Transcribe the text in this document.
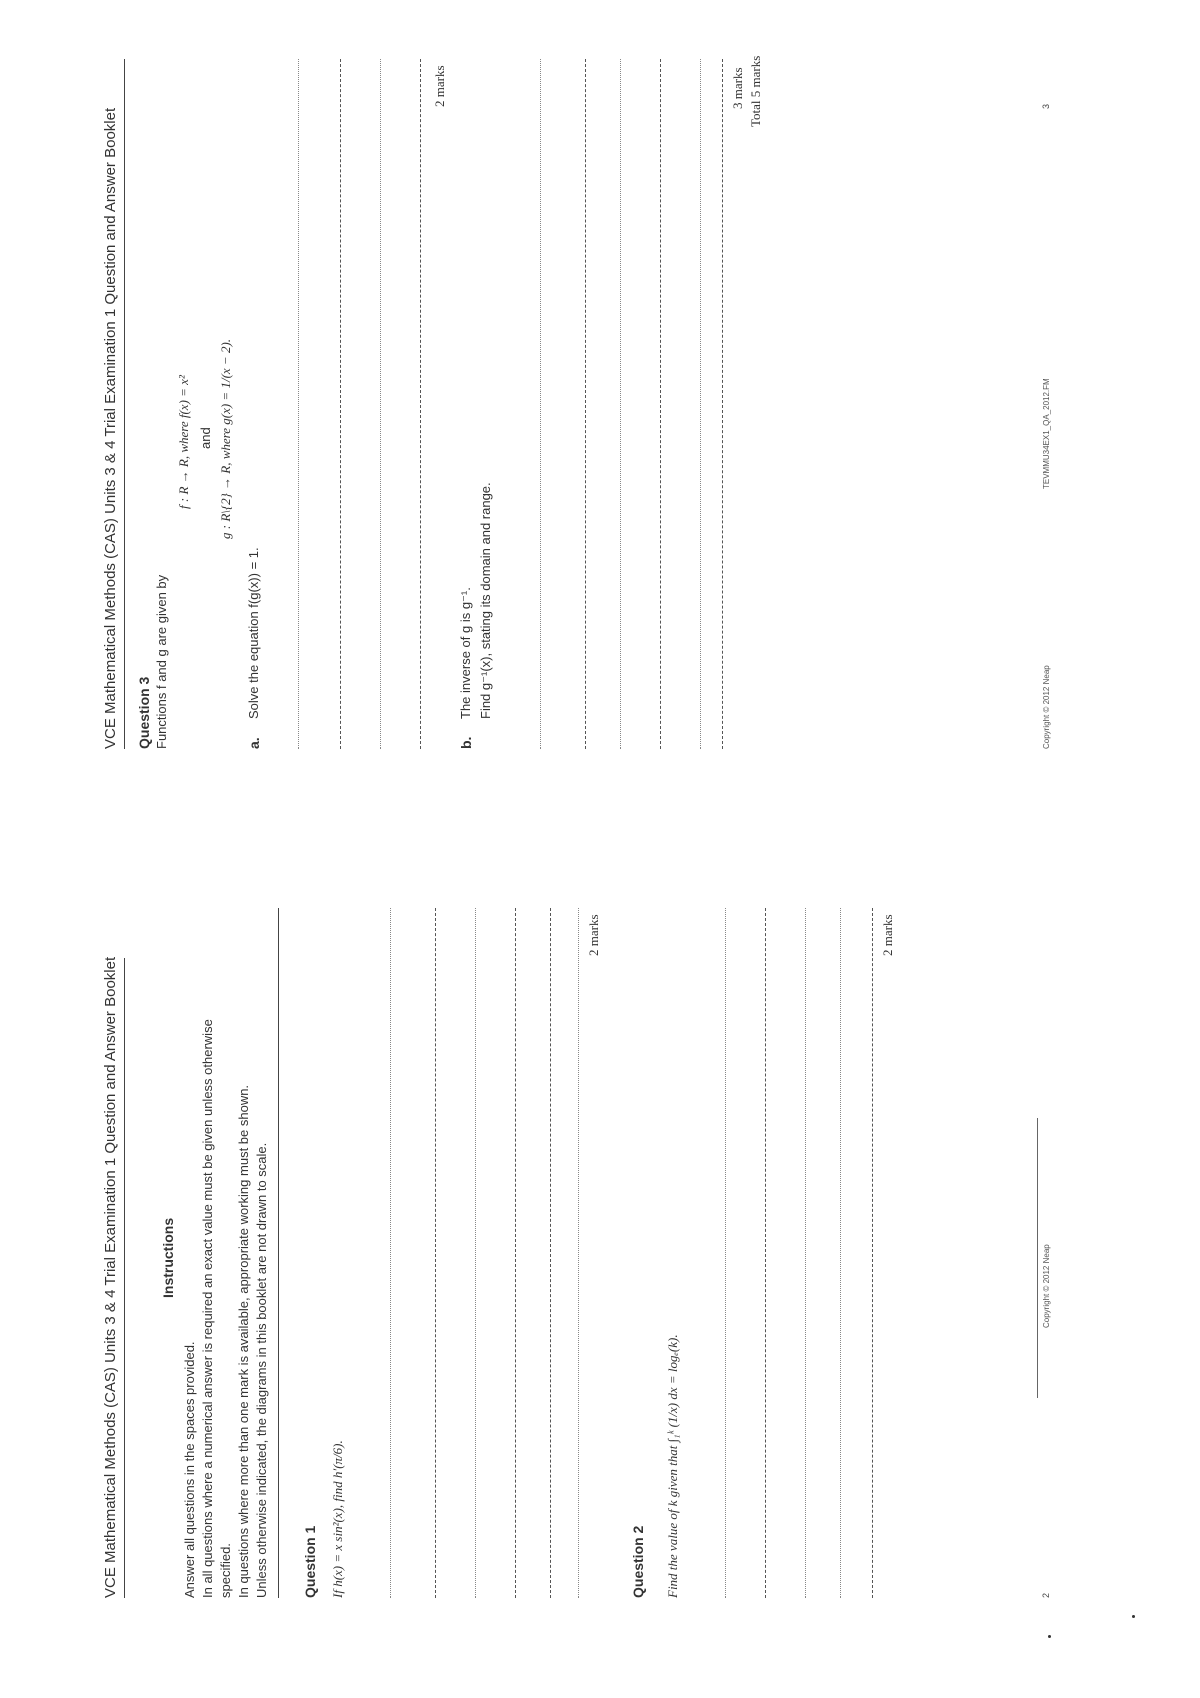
VCE Mathematical Methods (CAS) Units 3 & 4 Trial Examination 1 Question and Answer Booklet	Instructions
Answer all questions in the spaces provided. In all questions where a numerical answer is required an exact value must be given unless otherwise specified. In questions where more than one mark is available, appropriate working must be shown. Unless otherwise indicated, the diagrams in this booklet are not drawn to scale. Question 1 If h(x) = x sin²(x), find h′(π/6).
2 marks
Question 2 Find the value of k given that ∫₁ᵏ (1/x) dx = logₑ(k).
2 marks
Copyright © 2012 Neap
2
VCE Mathematical Methods (CAS) Units 3 & 4 Trial Examination 1 Question and Answer Booklet Question 3 Functions f and g are given by
f : R → R, where f(x) = x² and g : R\{2} → R, where g(x) = 1/(x − 2).
a.
Solve the equation f(g(x)) = 1.
2 marks
b.
The inverse of g is g⁻¹. Find g⁻¹(x), stating its domain and range.
3 marks Total 5 marks
Copyright © 2012 Neap
TEVMMU34EX1_QA_2012.FM
3
